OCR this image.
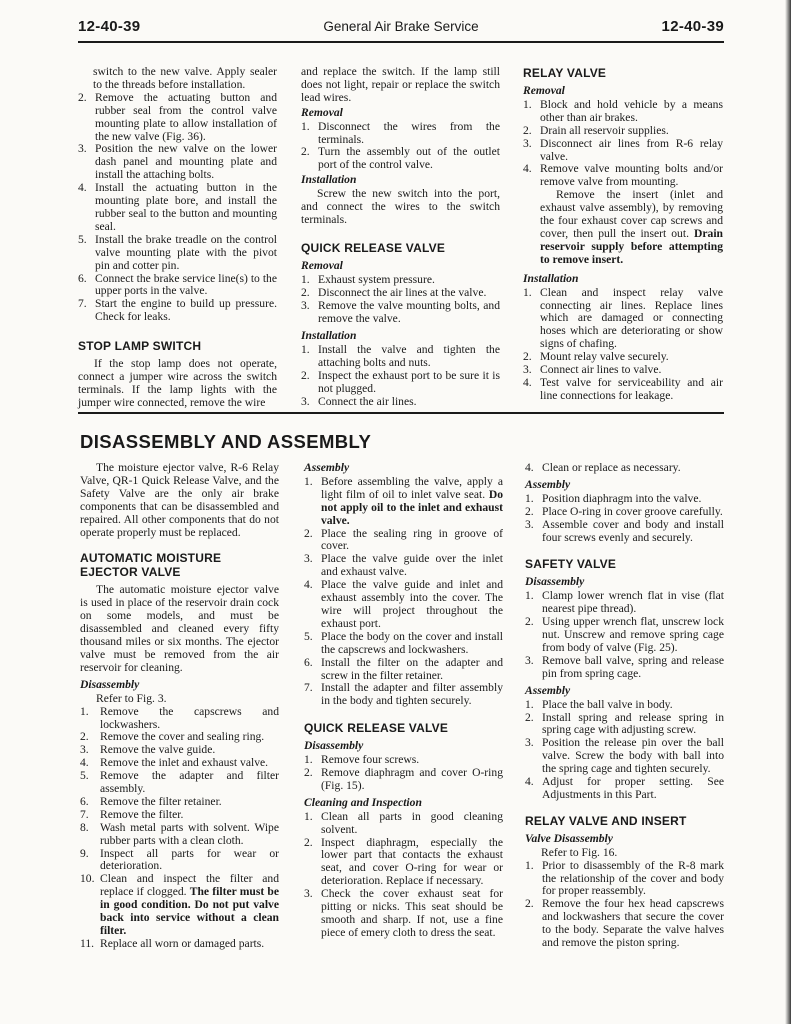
12-40-39	General Air Brake Service	12-40-39

switch to the new valve. Apply sealer to the threads before installation.

2. Remove the actuating button and rubber seal from the control valve mounting plate to allow installation of the new valve (Fig. 36).
3. Position the new valve on the lower dash panel and mounting plate and install the attaching bolts.
4. Install the actuating button in the mounting plate bore, and install the rubber seal to the button and mounting seal.
5. Install the brake treadle on the control valve mounting plate with the pivot pin and cotter pin.
6. Connect the brake service line(s) to the upper ports in the valve.
7. Start the engine to build up pressure. Check for leaks.
STOP LAMP SWITCH

If the stop lamp does not operate, connect a jumper wire across the switch terminals. If the lamp lights with the jumper wire connected, remove the wire

and replace the switch. If the lamp still does not light, repair or replace the switch lead wires.

Removal
1. Disconnect the wires from the terminals.
2. Turn the assembly out of the outlet port of the control valve.
Installation

Screw the new switch into the port, and connect the wires to the switch terminals.

QUICK RELEASE VALVE
Removal
1. Exhaust system pressure.
2. Disconnect the air lines at the valve.
3. Remove the valve mounting bolts, and remove the valve.
Installation
1. Install the valve and tighten the attaching bolts and nuts.
2. Inspect the exhaust port to be sure it is not plugged.
3. Connect the air lines.
RELAY VALVE
Removal
1. Block and hold vehicle by a means other than air brakes.
2. Drain all reservoir supplies.
3. Disconnect air lines from R-6 relay valve.
4. Remove valve mounting bolts and/or remove valve from mounting.

Remove the insert (inlet and exhaust valve assembly), by removing the four exhaust cover cap screws and cover, then pull the insert out. Drain reservoir supply before attempting to remove insert.

Installation
1. Clean and inspect relay valve connecting air lines. Replace lines which are damaged or connecting hoses which are deteriorating or show signs of chafing.
2. Mount relay valve securely.
3. Connect air lines to valve.
4. Test valve for serviceability and air line connections for leakage.
DISASSEMBLY AND ASSEMBLY

The moisture ejector valve, R-6 Relay Valve, QR-1 Quick Release Valve, and the Safety Valve are the only air brake components that can be disassembled and repaired. All other components that do not operate properly must be replaced.

AUTOMATIC MOISTURE EJECTOR VALVE

The automatic moisture ejector valve is used in place of the reservoir drain cock on some models, and must be disassembled and cleaned every fifty thousand miles or six months. The ejector valve must be removed from the air reservoir for cleaning.

Disassembly

Refer to Fig. 3.

1. Remove the capscrews and lockwashers.
2. Remove the cover and sealing ring.
3. Remove the valve guide.
4. Remove the inlet and exhaust valve.
5. Remove the adapter and filter assembly.
6. Remove the filter retainer.
7. Remove the filter.
8. Wash metal parts with solvent. Wipe rubber parts with a clean cloth.
9. Inspect all parts for wear or deterioration.
10. Clean and inspect the filter and replace if clogged. The filter must be in good condition. Do not put valve back into service without a clean filter.
11. Replace all worn or damaged parts.
Assembly
1. Before assembling the valve, apply a light film of oil to inlet valve seat. Do not apply oil to the inlet and exhaust valve.
2. Place the sealing ring in groove of cover.
3. Place the valve guide over the inlet and exhaust valve.
4. Place the valve guide and inlet and exhaust assembly into the cover. The wire will project throughout the exhaust port.
5. Place the body on the cover and install the capscrews and lockwashers.
6. Install the filter on the adapter and screw in the filter retainer.
7. Install the adapter and filter assembly in the body and tighten securely.
QUICK RELEASE VALVE
Disassembly
1. Remove four screws.
2. Remove diaphragm and cover O-ring (Fig. 15).
Cleaning and Inspection
1. Clean all parts in good cleaning solvent.
2. Inspect diaphragm, especially the lower part that contacts the exhaust seat, and cover O-ring for wear or deterioration. Replace if necessary.
3. Check the cover exhaust seat for pitting or nicks. This seat should be smooth and sharp. If not, use a fine piece of emery cloth to dress the seat.
4. Clean or replace as necessary.
Assembly
1. Position diaphragm into the valve.
2. Place O-ring in cover groove carefully.
3. Assemble cover and body and install four screws evenly and securely.
SAFETY VALVE
Disassembly
1. Clamp lower wrench flat in vise (flat nearest pipe thread).
2. Using upper wrench flat, unscrew lock nut. Unscrew and remove spring cage from body of valve (Fig. 25).
3. Remove ball valve, spring and release pin from spring cage.
Assembly
1. Place the ball valve in body.
2. Install spring and release spring in spring cage with adjusting screw.
3. Position the release pin over the ball valve. Screw the body with ball into the spring cage and tighten securely.
4. Adjust for proper setting. See Adjustments in this Part.
RELAY VALVE AND INSERT
Valve Disassembly

Refer to Fig. 16.

1. Prior to disassembly of the R-8 mark the relationship of the cover and body for proper reassembly.
2. Remove the four hex head capscrews and lockwashers that secure the cover to the body. Separate the valve halves and remove the piston spring.
